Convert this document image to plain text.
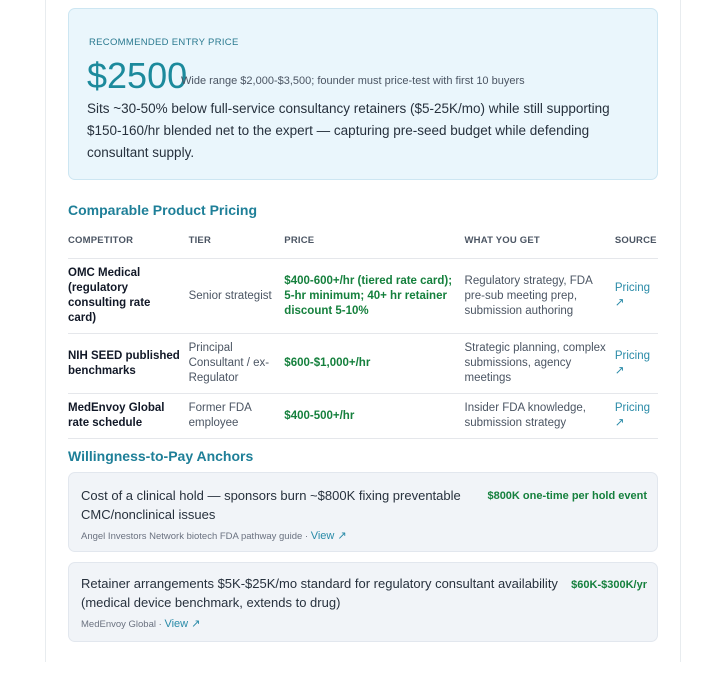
RECOMMENDED ENTRY PRICE
$2500
Wide range $2,000-$3,500; founder must price-test with first 10 buyers
Sits ~30-50% below full-service consultancy retainers ($5-25K/mo) while still supporting $150-160/hr blended net to the expert — capturing pre-seed budget while defending consultant supply.
Comparable Product Pricing
COMPETITOR	TIER	PRICE	WHAT YOU GET	SOURCE
OMC Medical (regulatory consulting rate card)	Senior strategist	$400-600+/hr (tiered rate card); 5-hr minimum; 40+ hr retainer discount 5-10%	Regulatory strategy, FDA pre-sub meeting prep, submission authoring	Pricing ↗
NIH SEED published benchmarks	Principal Consultant / ex-Regulator	$600-$1,000+/hr	Strategic planning, complex submissions, agency meetings	Pricing ↗
MedEnvoy Global rate schedule	Former FDA employee	$400-500+/hr	Insider FDA knowledge, submission strategy	Pricing ↗
Willingness-to-Pay Anchors
Cost of a clinical hold — sponsors burn ~$800K fixing preventable CMC/nonclinical issues
$800K one-time per hold event
Angel Investors Network biotech FDA pathway guide · View ↗
Retainer arrangements $5K-$25K/mo standard for regulatory consultant availability (medical device benchmark, extends to drug)
$60K-$300K/yr
MedEnvoy Global · View ↗
